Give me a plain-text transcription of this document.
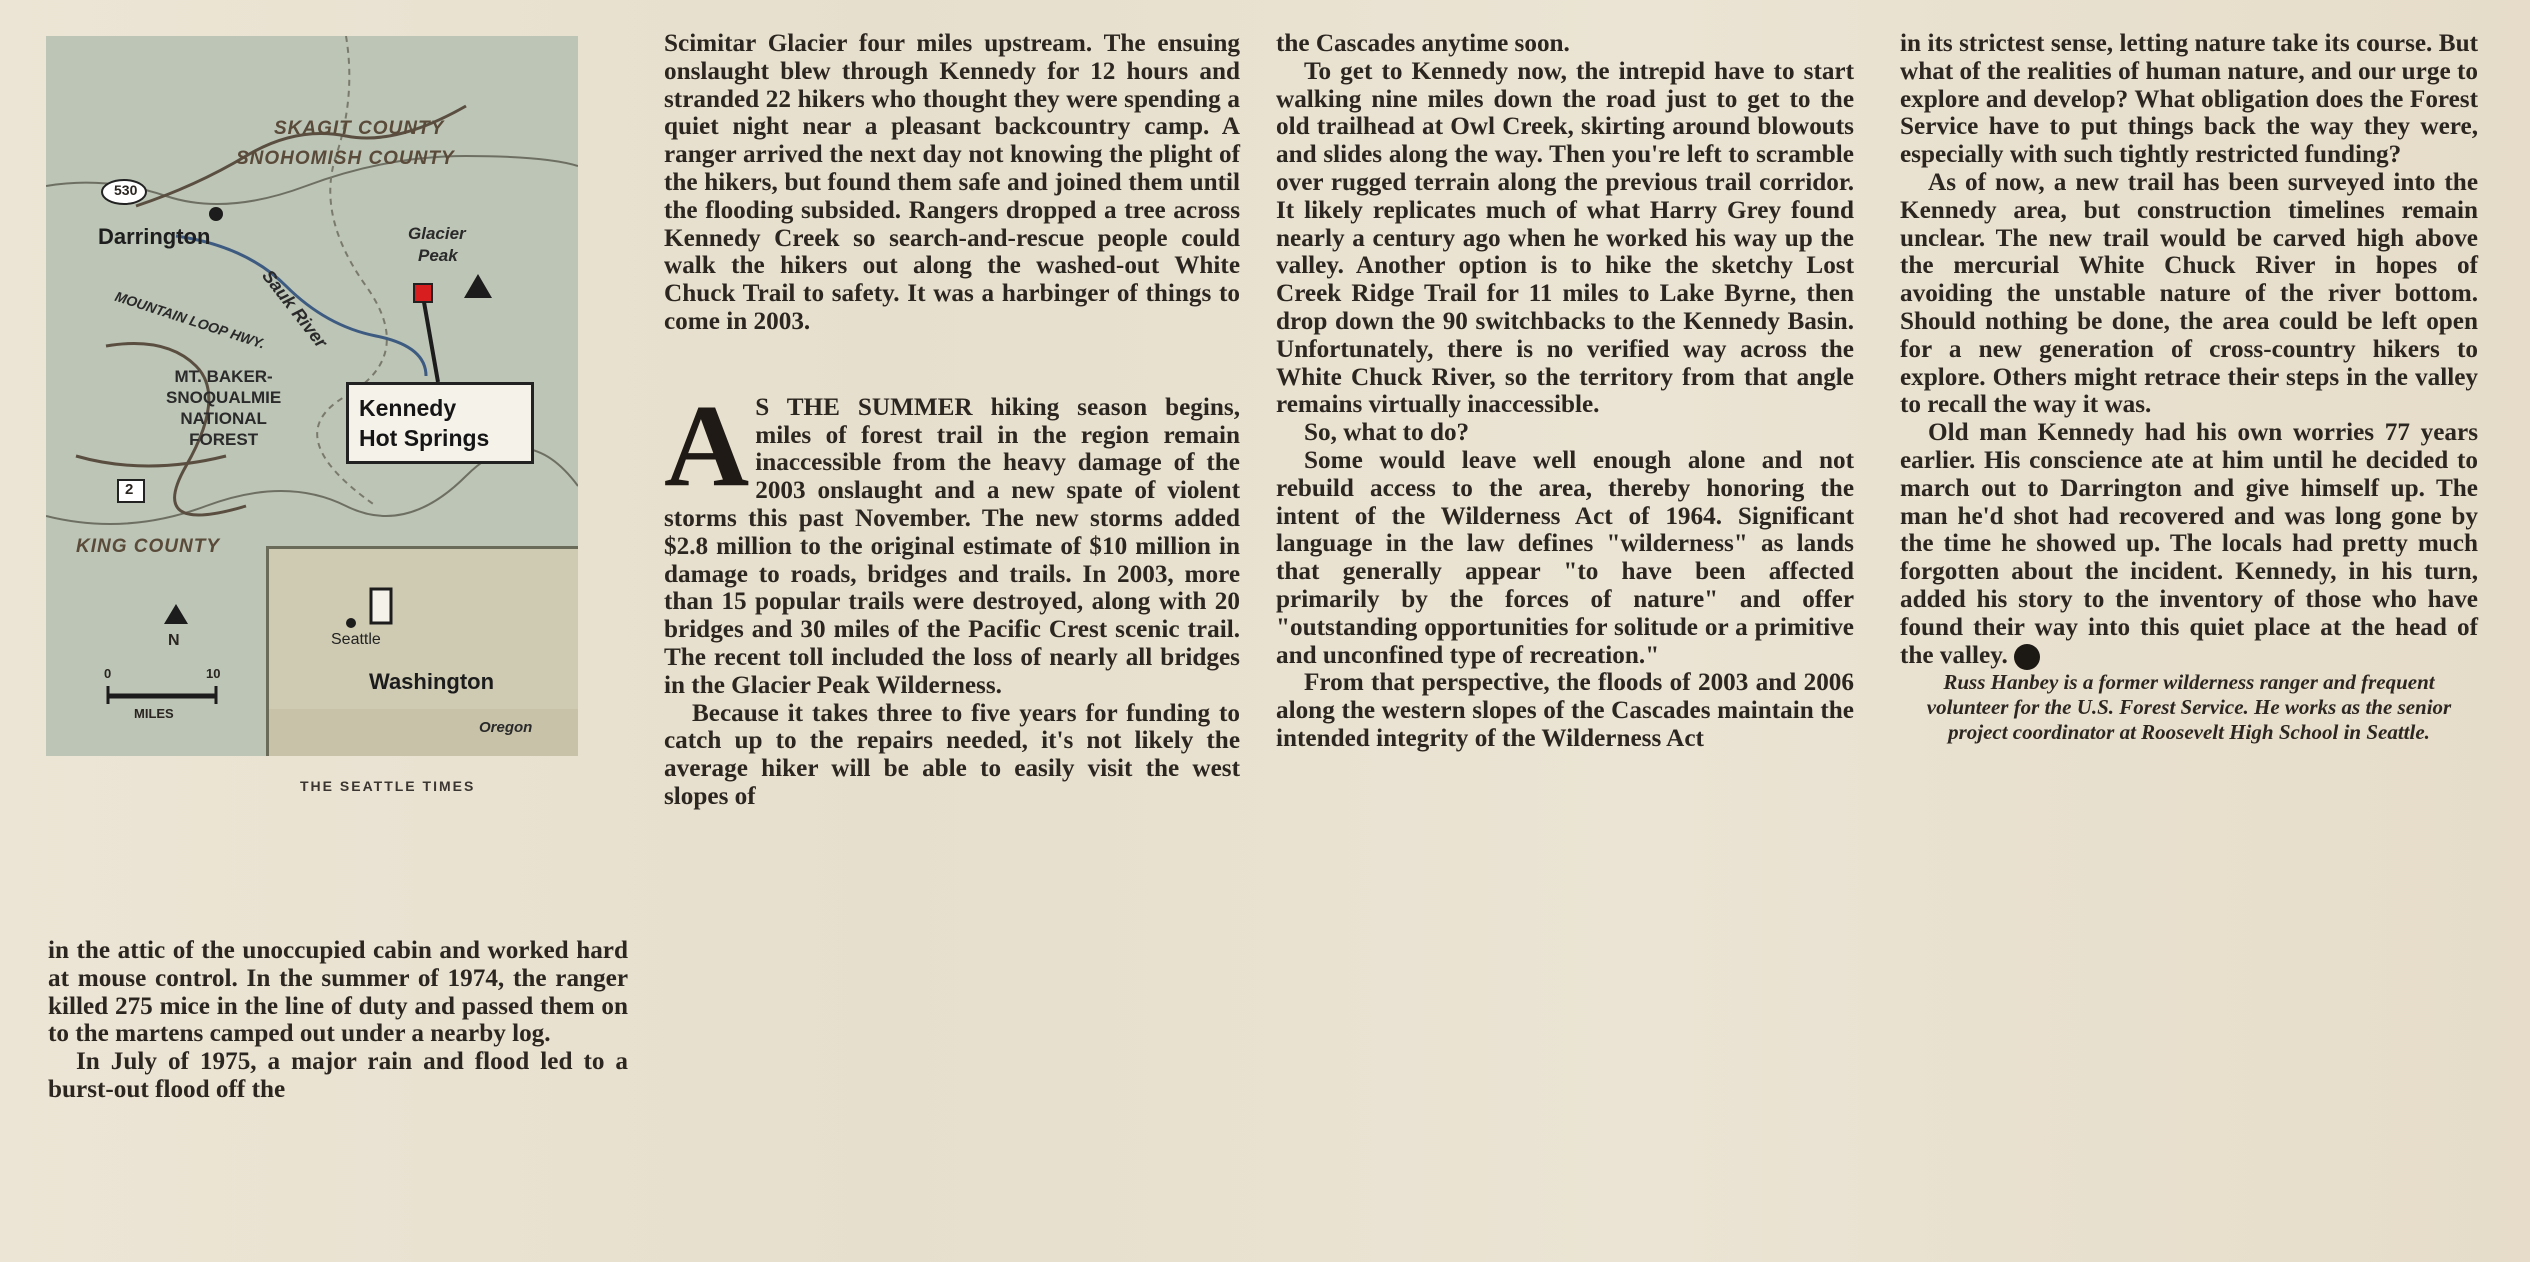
SKAGIT COUNTY
SNOHOMISH COUNTY
KING COUNTY
530
2
Darrington
Sauk River
MOUNTAIN LOOP HWY.
Glacier
Peak
MT. BAKER-
SNOQUALMIE
NATIONAL
FOREST
Kennedy
Hot Springs
Seattle
Washington
Oregon
N
0	10
MILES
THE SEATTLE TIMES

in the attic of the unoccupied cabin and worked hard at mouse control. In the summer of 1974, the ranger killed 275 mice in the line of duty and passed them on to the martens camped out under a nearby log.

In July of 1975, a major rain and flood led to a burst-out flood off the

Scimitar Glacier four miles upstream. The ensuing onslaught blew through Kennedy for 12 hours and stranded 22 hikers who thought they were spending a quiet night near a pleasant backcountry camp. A ranger arrived the next day not knowing the plight of the hikers, but found them safe and joined them until the flooding subsided. Rangers dropped a tree across Kennedy Creek so search-and-rescue people could walk the hikers out along the washed-out White Chuck Trail to safety. It was a harbinger of things to come in 2003.

A S THE SUMMER hiking season begins, miles of forest trail in the region remain inaccessible from the heavy damage of the 2003 onslaught and a new spate of violent storms this past November. The new storms added $2.8 million to the original estimate of $10 million in damage to roads, bridges and trails. In 2003, more than 15 popular trails were destroyed, along with 20 bridges and 30 miles of the Pacific Crest scenic trail. The recent toll included the loss of nearly all bridges in the Glacier Peak Wilderness.

Because it takes three to five years for funding to catch up to the repairs needed, it's not likely the average hiker will be able to easily visit the west slopes of

the Cascades anytime soon.

To get to Kennedy now, the intrepid have to start walking nine miles down the road just to get to the old trailhead at Owl Creek, skirting around blowouts and slides along the way. Then you're left to scramble over rugged terrain along the previous trail corridor. It likely replicates much of what Harry Grey found nearly a century ago when he worked his way up the valley. Another option is to hike the sketchy Lost Creek Ridge Trail for 11 miles to Lake Byrne, then drop down the 90 switchbacks to the Kennedy Basin. Unfortunately, there is no verified way across the White Chuck River, so the territory from that angle remains virtually inaccessible.

So, what to do?

Some would leave well enough alone and not rebuild access to the area, thereby honoring the intent of the Wilderness Act of 1964. Significant language in the law defines "wilderness" as lands that generally appear "to have been affected primarily by the forces of nature" and offer "outstanding opportunities for solitude or a primitive and unconfined type of recreation."

From that perspective, the floods of 2003 and 2006 along the western slopes of the Cascades maintain the intended integrity of the Wilderness Act

in its strictest sense, letting nature take its course. But what of the realities of human nature, and our urge to explore and develop? What obligation does the Forest Service have to put things back the way they were, especially with such tightly restricted funding?

As of now, a new trail has been surveyed into the Kennedy area, but construction timelines remain unclear. The new trail would be carved high above the mercurial White Chuck River in hopes of avoiding the unstable nature of the river bottom. Should nothing be done, the area could be left open for a new generation of cross-country hikers to explore. Others might retrace their steps in the valley to recall the way it was.

Old man Kennedy had his own worries 77 years earlier. His conscience ate at him until he decided to march out to Darrington and give himself up. The man he'd shot had recovered and was long gone by the time he showed up. The locals had pretty much forgotten about the incident. Kennedy, in his turn, added his story to the inventory of those who have found their way into this quiet place at the head of the valley.

Russ Hanbey is a former wilderness ranger and frequent volunteer for the U.S. Forest Service. He works as the senior project coordinator at Roosevelt High School in Seattle.
